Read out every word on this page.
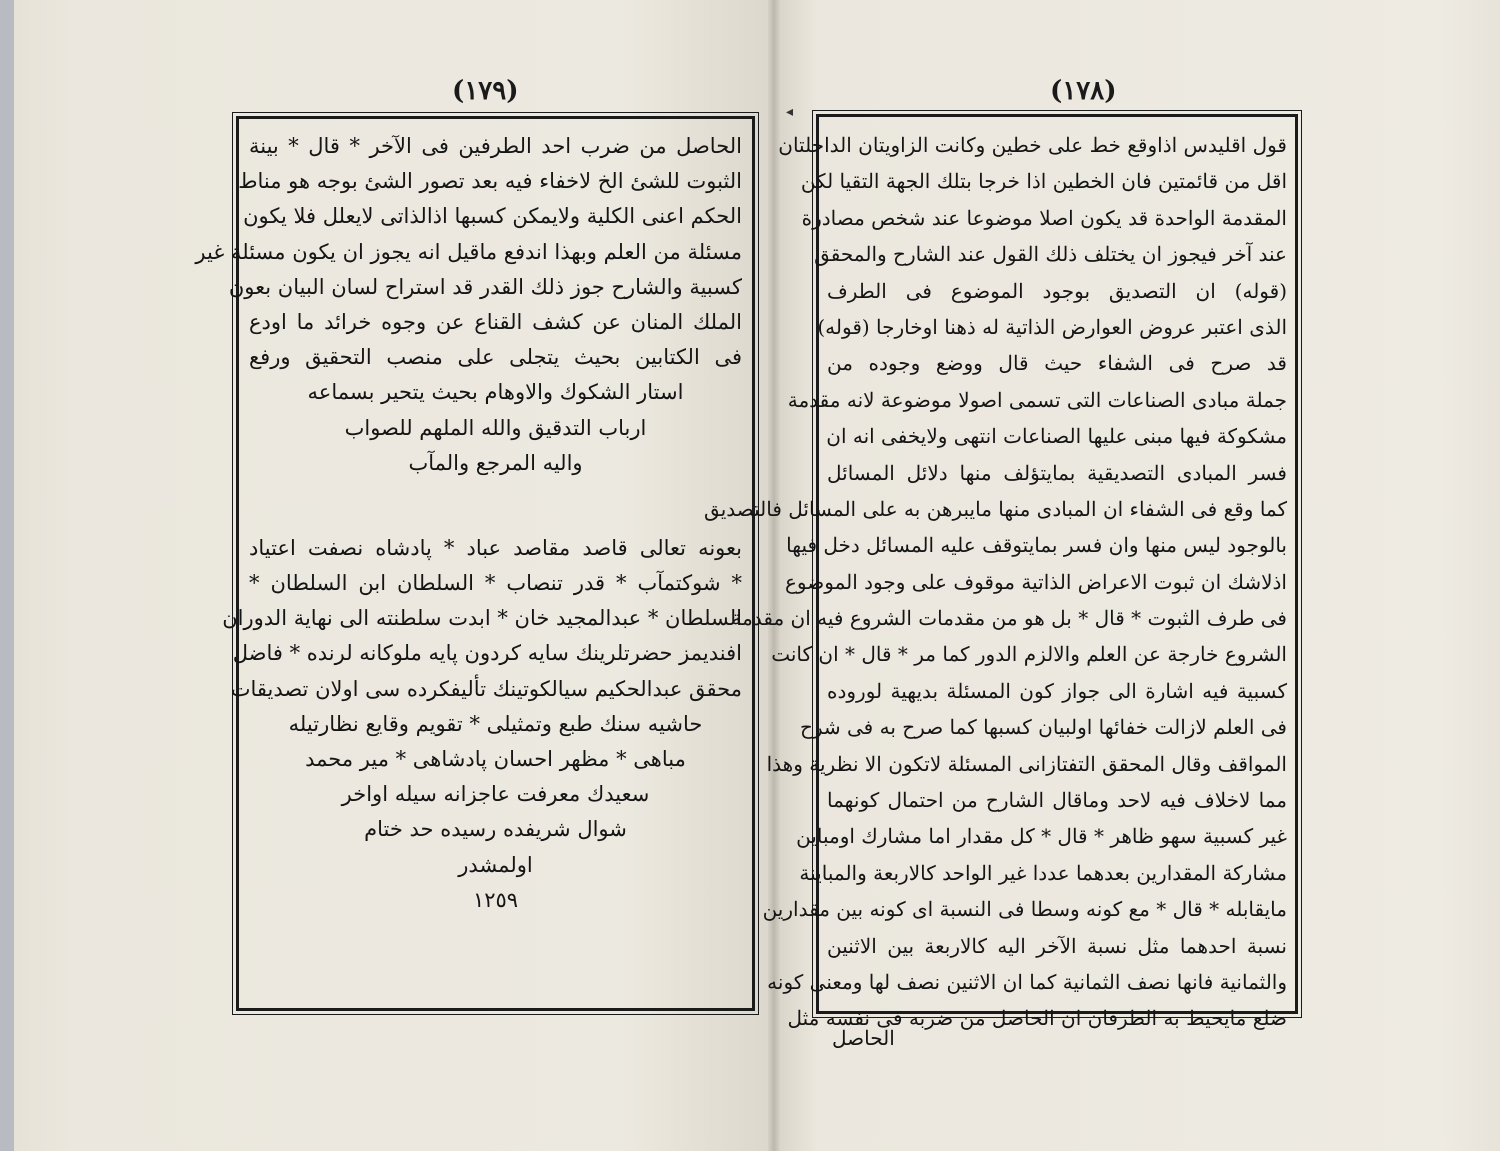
(١٧٩)	(١٧٨)
◂
الحاصل من ضرب احد الطرفين فى الآخر * قال * بينة
الثبوت للشئ الخ لاخفاء فيه بعد تصور الشئ بوجه هو مناط
الحكم اعنى الكلية ولايمكن كسبها اذالذاتى لايعلل فلا يكون
مسئلة من العلم وبهذا اندفع ماقيل انه يجوز ان يكون مسئلة غير
كسبية والشارح جوز ذلك القدر قد استراح لسان البيان بعون
الملك المنان عن كشف القناع عن وجوه خرائد ما اودع
فى الكتابين بحيث يتجلى على منصب التحقيق ورفع
استار الشكوك والاوهام بحيث يتحير بسماعه
ارباب التدقيق والله الملهم للصواب
واليه المرجع والمآب
بعونه تعالى قاصد مقاصد عباد * پادشاه نصفت اعتياد
* شوكتمآب * قدر تنصاب * السلطان ابن السلطان *
السلطان * عبدالمجيد خان * ابدت سلطنته الى نهاية الدوران
افنديمز حضرتلرينك سايه كردون پايه ملوكانه لرنده * فاضل
محقق عبدالحكيم سيالكوتينك تأليفكرده سى اولان تصديقات
حاشيه سنك طبع وتمثيلى * تقويم وقايع نظارتيله
مباهى * مظهر احسان پادشاهى * مير محمد
سعيدك معرفت عاجزانه سيله اواخر
شوال شريفده رسيده حد ختام
اولمشدر
١٢٥٩
قول اقليدس اذاوقع خط على خطين وكانت الزاويتان الداخلتان
اقل من قائمتين فان الخطين اذا خرجا بتلك الجهة التقيا لكن
المقدمة الواحدة قد يكون اصلا موضوعا عند شخص مصادرة
عند آخر فيجوز ان يختلف ذلك القول عند الشارح والمحقق
(قوله) ان التصديق بوجود الموضوع فى الطرف
الذى اعتبر عروض العوارض الذاتية له ذهنا اوخارجا (قوله)
قد صرح فى الشفاء حيث قال ووضع وجوده من
جملة مبادى الصناعات التى تسمى اصولا موضوعة لانه مقدمة
مشكوكة فيها مبنى عليها الصناعات انتهى ولايخفى انه ان
فسر المبادى التصديقية بمايتؤلف منها دلائل المسائل
كما وقع فى الشفاء ان المبادى منها مايبرهن به على المسائل فالتصديق
بالوجود ليس منها وان فسر بمايتوقف عليه المسائل دخل فيها
اذلاشك ان ثبوت الاعراض الذاتية موقوف على وجود الموضوع
فى طرف الثبوت * قال * بل هو من مقدمات الشروع فيه ان مقدمة
الشروع خارجة عن العلم والالزم الدور كما مر * قال * ان كانت
كسبية فيه اشارة الى جواز كون المسئلة بديهية لوروده
فى العلم لازالت خفائها اولبيان كسبها كما صرح به فى شرح
المواقف وقال المحقق التفتازانى المسئلة لاتكون الا نظرية وهذا
مما لاخلاف فيه لاحد وماقال الشارح من احتمال كونهما
غير كسبية سهو ظاهر * قال * كل مقدار اما مشارك اومباين
مشاركة المقدارين بعدهما عددا غير الواحد كالاربعة والمباينة
مايقابله * قال * مع كونه وسطا فى النسبة اى كونه بين مقدارين
نسبة احدهما مثل نسبة الآخر اليه كالاربعة بين الاثنين
والثمانية فانها نصف الثمانية كما ان الاثنين نصف لها ومعنى كونه
ضلع مايحيط به الطرفان ان الحاصل من ضربه فى نفسه مثل
الحاصل
